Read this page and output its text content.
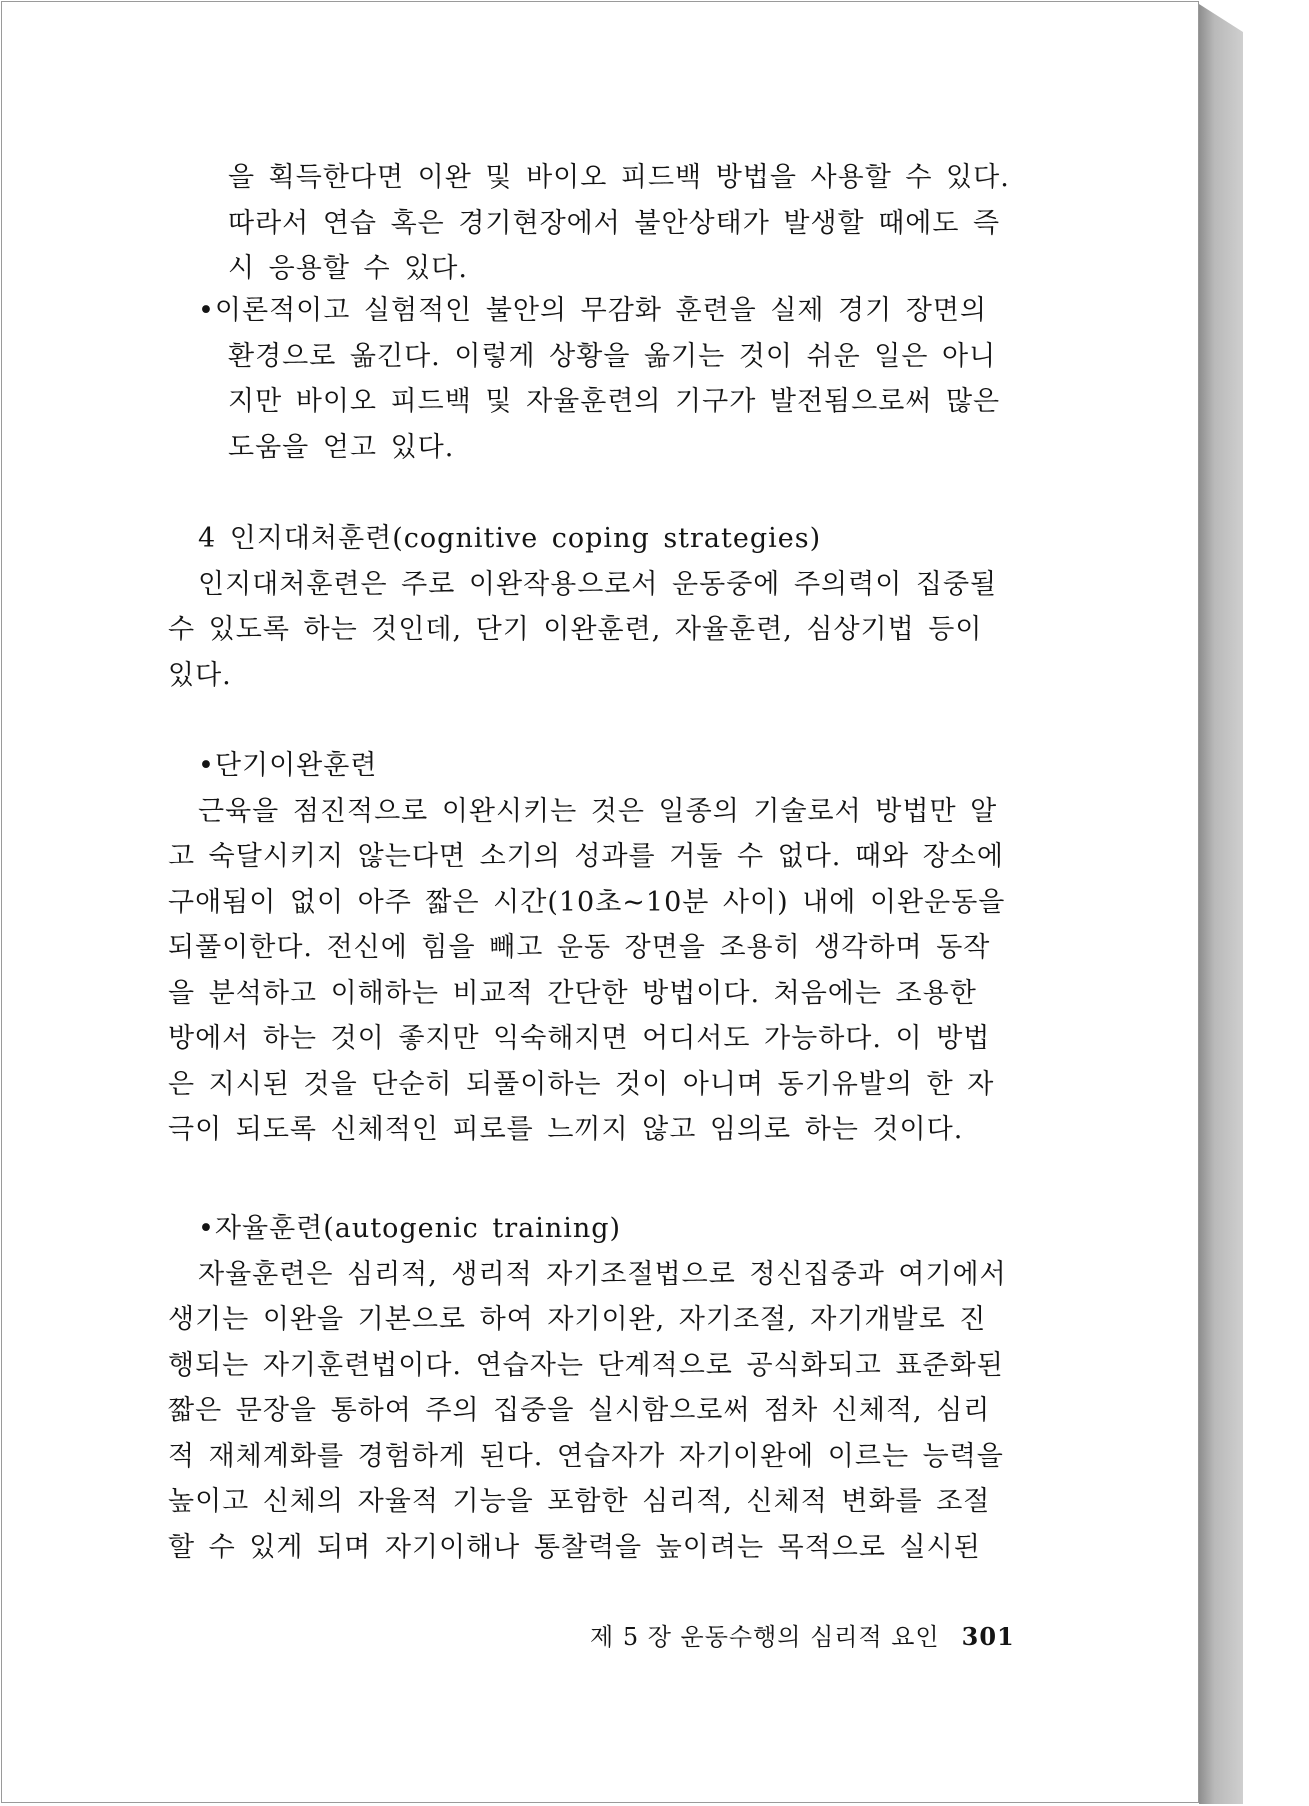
을 획득한다면 이완 및 바이오 피드백 방법을 사용할 수 있다.
따라서 연습 혹은 경기현장에서 불안상태가 발생할 때에도 즉
시 응용할 수 있다.
•이론적이고 실험적인 불안의 무감화 훈련을 실제 경기 장면의
환경으로 옮긴다. 이렇게 상황을 옮기는 것이 쉬운 일은 아니
지만 바이오 피드백 및 자율훈련의 기구가 발전됨으로써 많은
도움을 얻고 있다.
4 인지대처훈련(cognitive coping strategies)
인지대처훈련은 주로 이완작용으로서 운동중에 주의력이 집중될
수 있도록 하는 것인데, 단기 이완훈련, 자율훈련, 심상기법 등이
있다.
•단기이완훈련
근육을 점진적으로 이완시키는 것은 일종의 기술로서 방법만 알
고 숙달시키지 않는다면 소기의 성과를 거둘 수 없다. 때와 장소에
구애됨이 없이 아주 짧은 시간(10초~10분 사이) 내에 이완운동을
되풀이한다. 전신에 힘을 빼고 운동 장면을 조용히 생각하며 동작
을 분석하고 이해하는 비교적 간단한 방법이다. 처음에는 조용한
방에서 하는 것이 좋지만 익숙해지면 어디서도 가능하다. 이 방법
은 지시된 것을 단순히 되풀이하는 것이 아니며 동기유발의 한 자
극이 되도록 신체적인 피로를 느끼지 않고 임의로 하는 것이다.
•자율훈련(autogenic training)
자율훈련은 심리적, 생리적 자기조절법으로 정신집중과 여기에서
생기는 이완을 기본으로 하여 자기이완, 자기조절, 자기개발로 진
행되는 자기훈련법이다. 연습자는 단계적으로 공식화되고 표준화된
짧은 문장을 통하여 주의 집중을 실시함으로써 점차 신체적, 심리
적 재체계화를 경험하게 된다. 연습자가 자기이완에 이르는 능력을
높이고 신체의 자율적 기능을 포함한 심리적, 신체적 변화를 조절
할 수 있게 되며 자기이해나 통찰력을 높이려는 목적으로 실시된
제 5 장 운동수행의 심리적 요인 301
